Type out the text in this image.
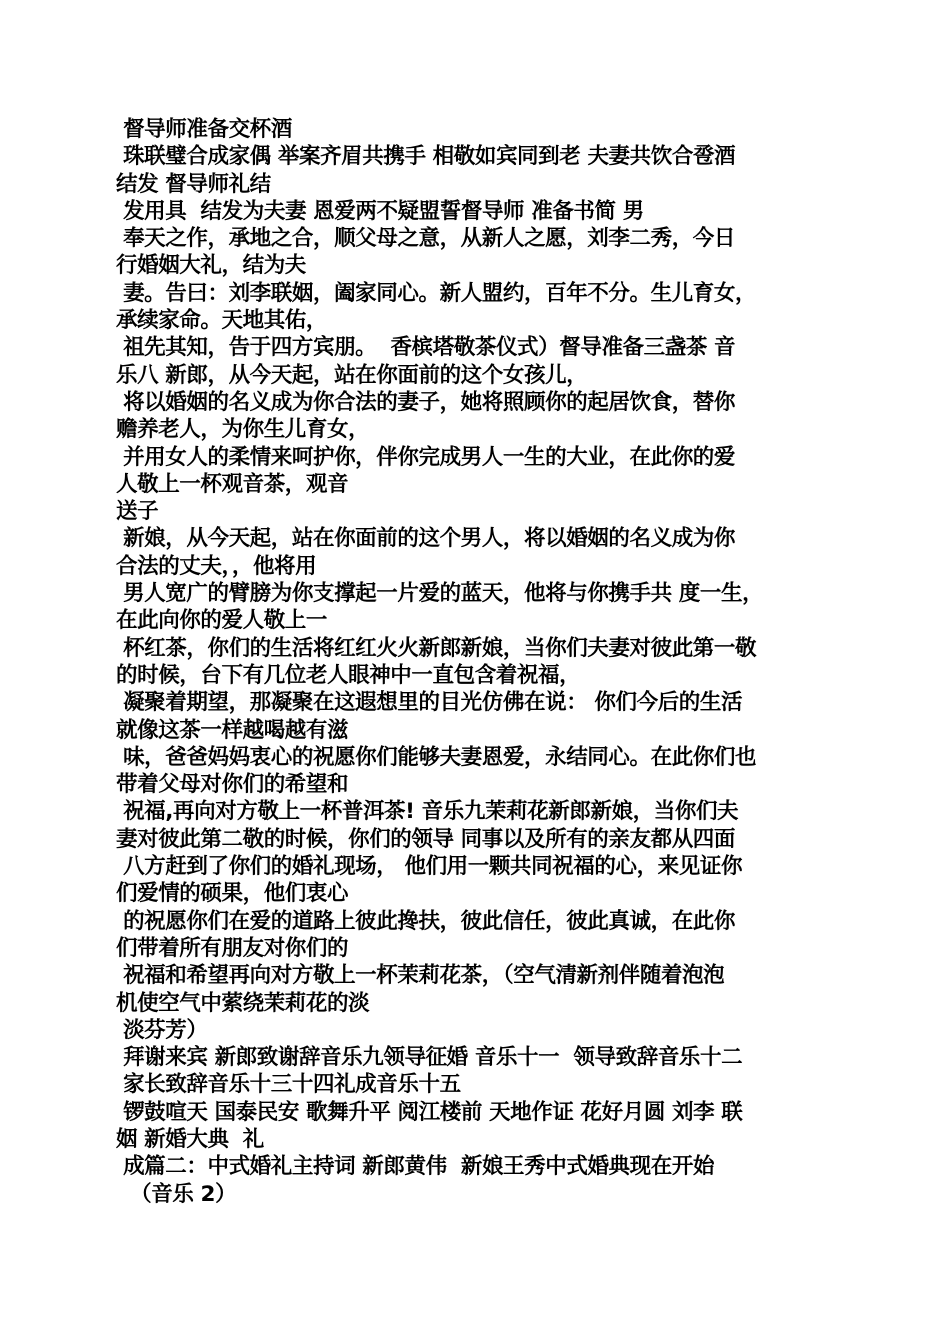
督导师准备交杯酒
珠联璧合成家偶 举案齐眉共携手 相敬如宾同到老 夫妻共饮合卺酒
结发 督导师礼结
发用具  结发为夫妻 恩爱两不疑盟誓督导师 准备书简 男
奉天之作，承地之合，顺父母之意，从新人之愿，刘李二秀，今日
行婚姻大礼，结为夫
妻。告曰：刘李联姻，阖家同心。新人盟约，百年不分。生儿育女，
承续家命。天地其佑，
祖先其知，告于四方宾朋。  香槟塔敬茶仪式）督导准备三盏茶 音
乐八 新郎，从今天起，站在你面前的这个女孩儿，
将以婚姻的名义成为你合法的妻子，她将照顾你的起居饮食，替你
赡养老人，为你生儿育女，
并用女人的柔情来呵护你，伴你完成男人一生的大业，在此你的爱
人敬上一杯观音茶，观音
送子
新娘，从今天起，站在你面前的这个男人，将以婚姻的名义成为你
合法的丈夫，，他将用
男人宽广的臂膀为你支撑起一片爱的蓝天，他将与你携手共 度一生，
在此向你的爱人敬上一
杯红茶，你们的生活将红红火火新郎新娘，当你们夫妻对彼此第一敬
的时候，台下有几位老人眼神中一直包含着祝福，
凝聚着期望，那凝聚在这遐想里的目光仿佛在说： 你们今后的生活
就像这茶一样越喝越有滋
味，爸爸妈妈衷心的祝愿你们能够夫妻恩爱，永结同心。在此你们也
带着父母对你们的希望和
祝福,再向对方敬上一杯普洱茶! 音乐九茉莉花新郎新娘，当你们夫
妻对彼此第二敬的时候，你们的领导 同事以及所有的亲友都从四面
八方赶到了你们的婚礼现场， 他们用一颗共同祝福的心，来见证你
们爱情的硕果，他们衷心
的祝愿你们在爱的道路上彼此搀扶，彼此信任，彼此真诚，在此你
们带着所有朋友对你们的
祝福和希望再向对方敬上一杯茉莉花茶，（空气清新剂伴随着泡泡
机使空气中萦绕茉莉花的淡
淡芬芳）
拜谢来宾 新郎致谢辞音乐九领导征婚 音乐十一  领导致辞音乐十二
家长致辞音乐十三十四礼成音乐十五
锣鼓喧天 国泰民安 歌舞升平 阅江楼前 天地作证 花好月圆 刘李 联
姻 新婚大典  礼
成篇二：中式婚礼主持词 新郎黄伟  新娘王秀中式婚典现在开始
（音乐 2）
